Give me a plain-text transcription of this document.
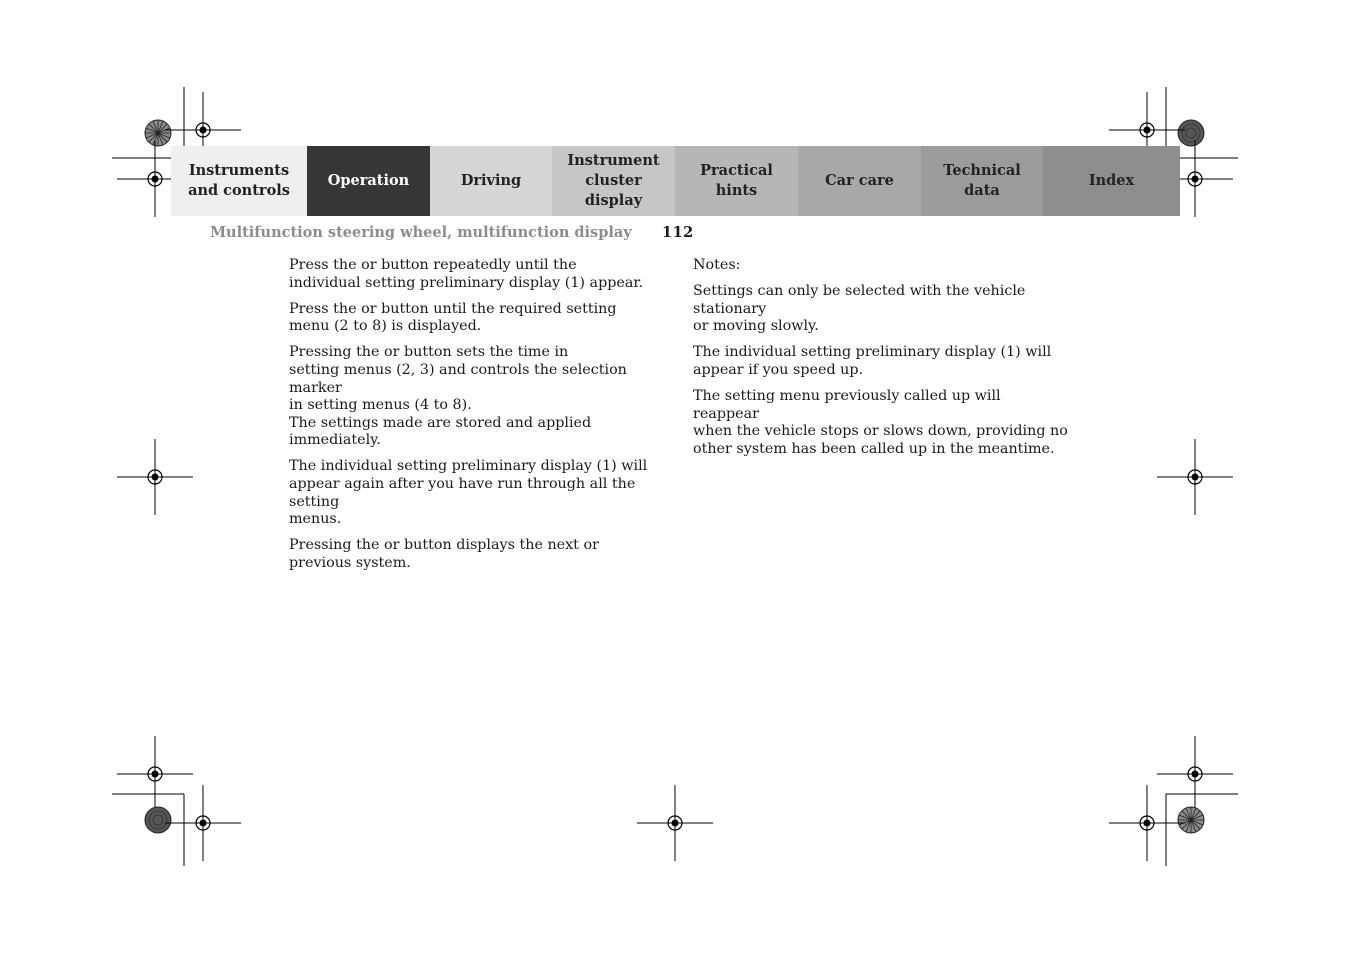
Instruments
and controls
Operation	Driving
Instrument
cluster display
Practical hints
Car care
Technical
data
Index
Multifunction steering wheel, multifunction display 112

Press the or button repeatedly until the
individual setting preliminary display (1) appear.

Press the or button until the required setting
menu (2 to 8) is displayed.

Pressing the or button sets the time in
setting menus (2, 3) and controls the selection marker
in setting menus (4 to 8).
The settings made are stored and applied immediately.

The individual setting preliminary display (1) will
appear again after you have run through all the setting
menus.

Pressing the or button displays the next or
previous system.

Notes:

Settings can only be selected with the vehicle stationary
or moving slowly.

The individual setting preliminary display (1) will
appear if you speed up.

The setting menu previously called up will reappear
when the vehicle stops or slows down, providing no
other system has been called up in the meantime.
